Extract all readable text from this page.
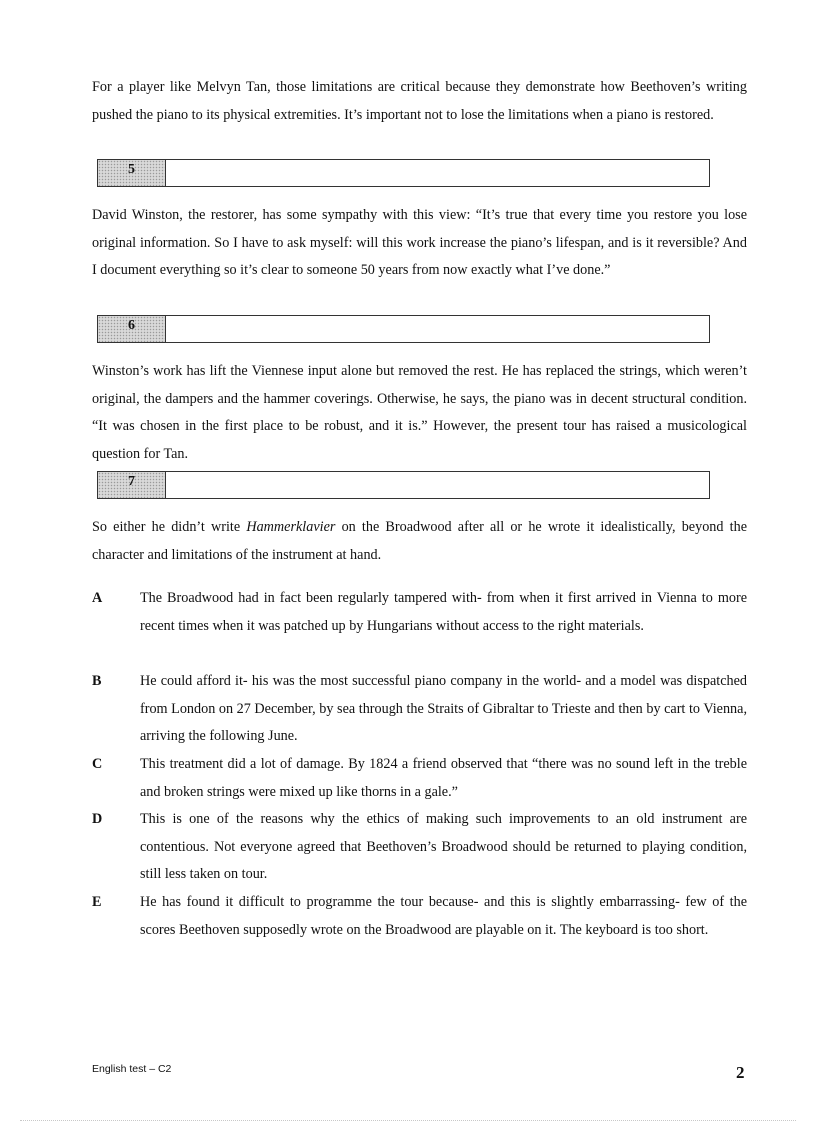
For a player like Melvyn Tan, those limitations are critical because they demonstrate how Beethoven’s writing pushed the piano to its physical extremities. It’s important not to lose the limitations when a piano is restored.

5

David Winston, the restorer, has some sympathy with this view: “It’s true that every time you restore you lose original information. So I have to ask myself: will this work increase the piano’s lifespan, and is it reversible? And I document everything so it’s clear to someone 50 years from now exactly what I’ve done.”

6

Winston’s work has lift the Viennese input alone but removed the rest. He has replaced the strings, which weren’t original, the dampers and the hammer coverings. Otherwise, he says, the piano was in decent structural condition. “It was chosen in the first place to be robust, and it is.” However, the present tour has raised a musicological question for Tan.

7

So either he didn’t write Hammerklavier on the Broadwood after all or he wrote it idealistically, beyond the character and limitations of the instrument at hand.

A	The Broadwood had in fact been regularly tampered with- from when it first arrived in Vienna to more recent times when it was patched up by Hungarians without access to the right materials.
B	He could afford it- his was the most successful piano company in the world- and a model was dispatched from London on 27 December, by sea through the Straits of Gibraltar to Trieste and then by cart to Vienna, arriving the following June.
C	This treatment did a lot of damage. By 1824 a friend observed that “there was no sound left in the treble and broken strings were mixed up like thorns in a gale.”
D	This is one of the reasons why the ethics of making such improvements to an old instrument are contentious. Not everyone agreed that Beethoven’s Broadwood should be returned to playing condition, still less taken on tour.
E	He has found it difficult to programme the tour because- and this is slightly embarrassing- few of the scores Beethoven supposedly wrote on the Broadwood are playable on it. The keyboard is too short.
English test – C2	2
